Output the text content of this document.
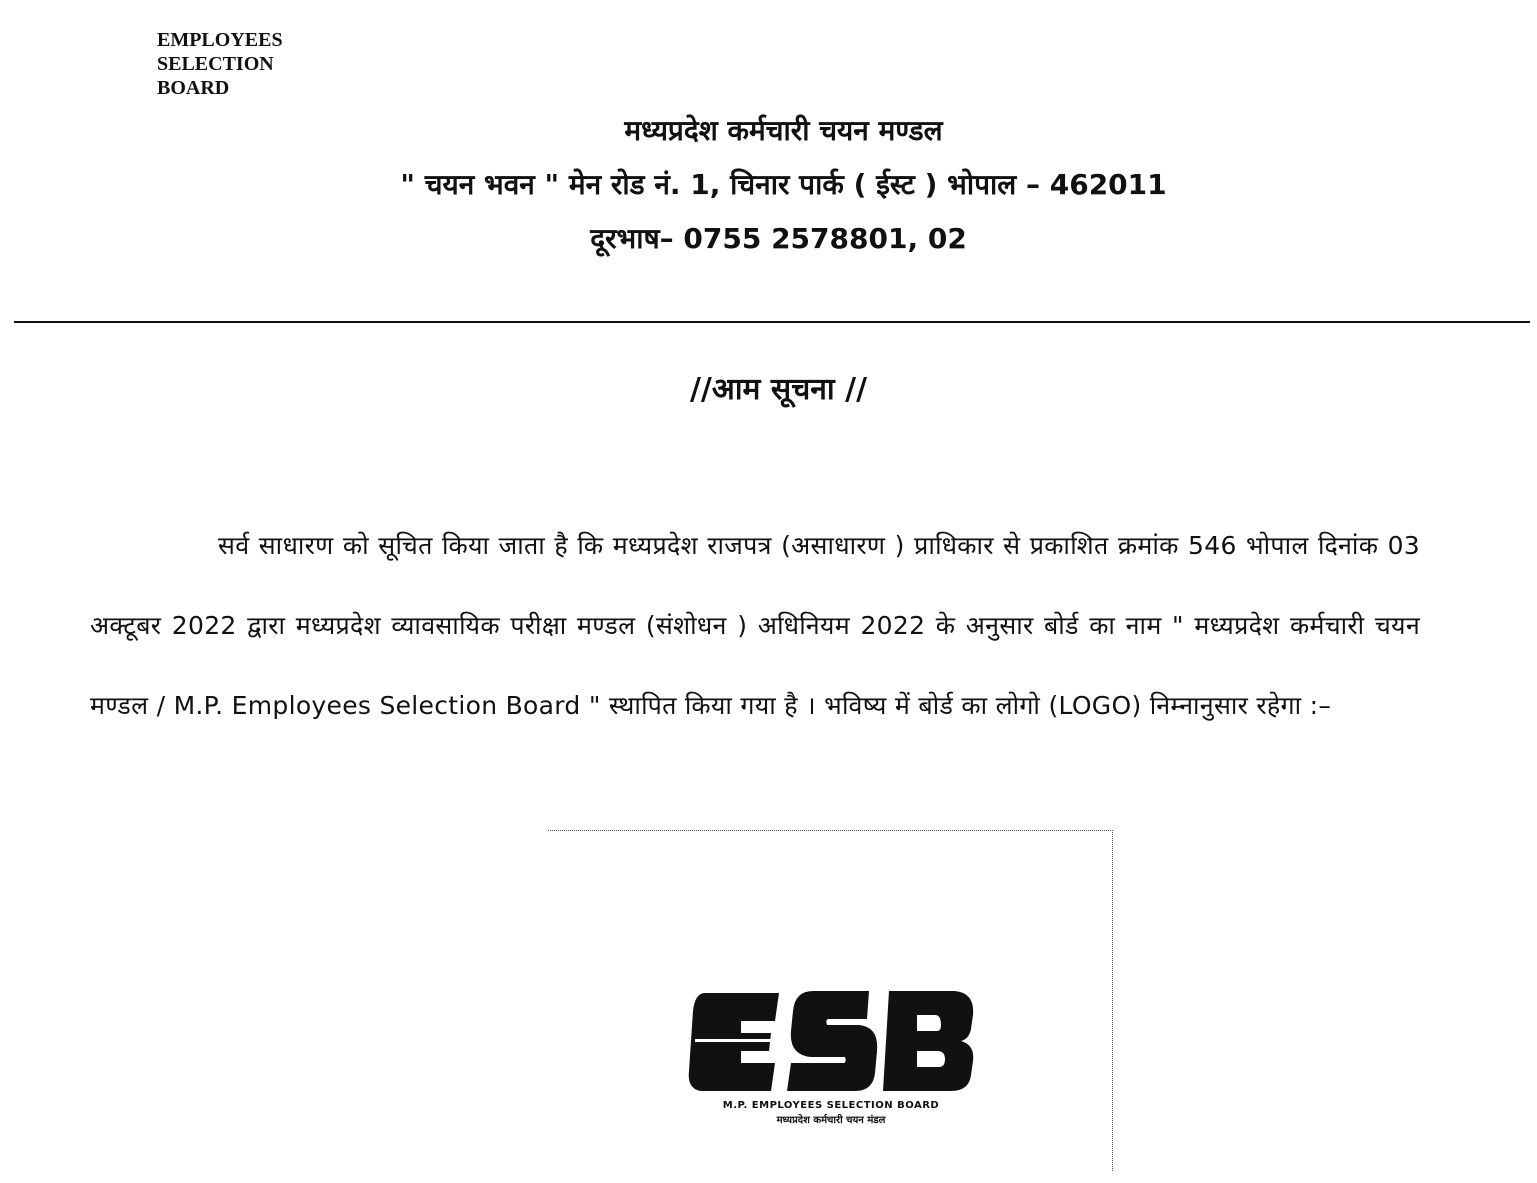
EMPLOYEES
SELECTION
BOARD
मध्यप्रदेश कर्मचारी चयन मण्डल
" चयन भवन " मेन रोड नं. 1, चिनार पार्क ( ईस्ट ) भोपाल – 462011
दूरभाष– 0755 2578801, 02
//आम सूचना //
सर्व साधारण को सूचित किया जाता है कि मध्यप्रदेश राजपत्र (असाधारण ) प्राधिकार से प्रकाशित क्रमांक 546 भोपाल दिनांक 03 अक्टूबर 2022 द्वारा मध्यप्रदेश व्यावसायिक परीक्षा मण्डल (संशोधन ) अधिनियम 2022 के अनुसार बोर्ड का नाम " मध्यप्रदेश कर्मचारी चयन मण्डल / M.P. Employees Selection Board " स्थापित किया गया है । भविष्य में बोर्ड का लोगो (LOGO) निम्नानुसार रहेगा :–
M.P. EMPLOYEES SELECTION BOARD
मध्यप्रदेश कर्मचारी चयन मंडल
